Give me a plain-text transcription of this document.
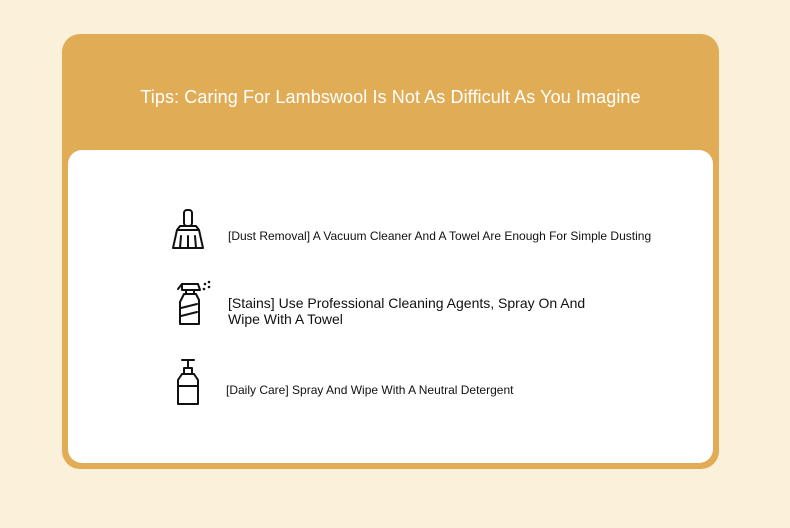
Tips: Caring For Lambswool Is Not As Difficult As You Imagine
[Dust Removal] A Vacuum Cleaner And A Towel Are Enough For Simple Dusting
[Stains] Use Professional Cleaning Agents, Spray On And Wipe With A Towel
[Daily Care] Spray And Wipe With A Neutral Detergent
